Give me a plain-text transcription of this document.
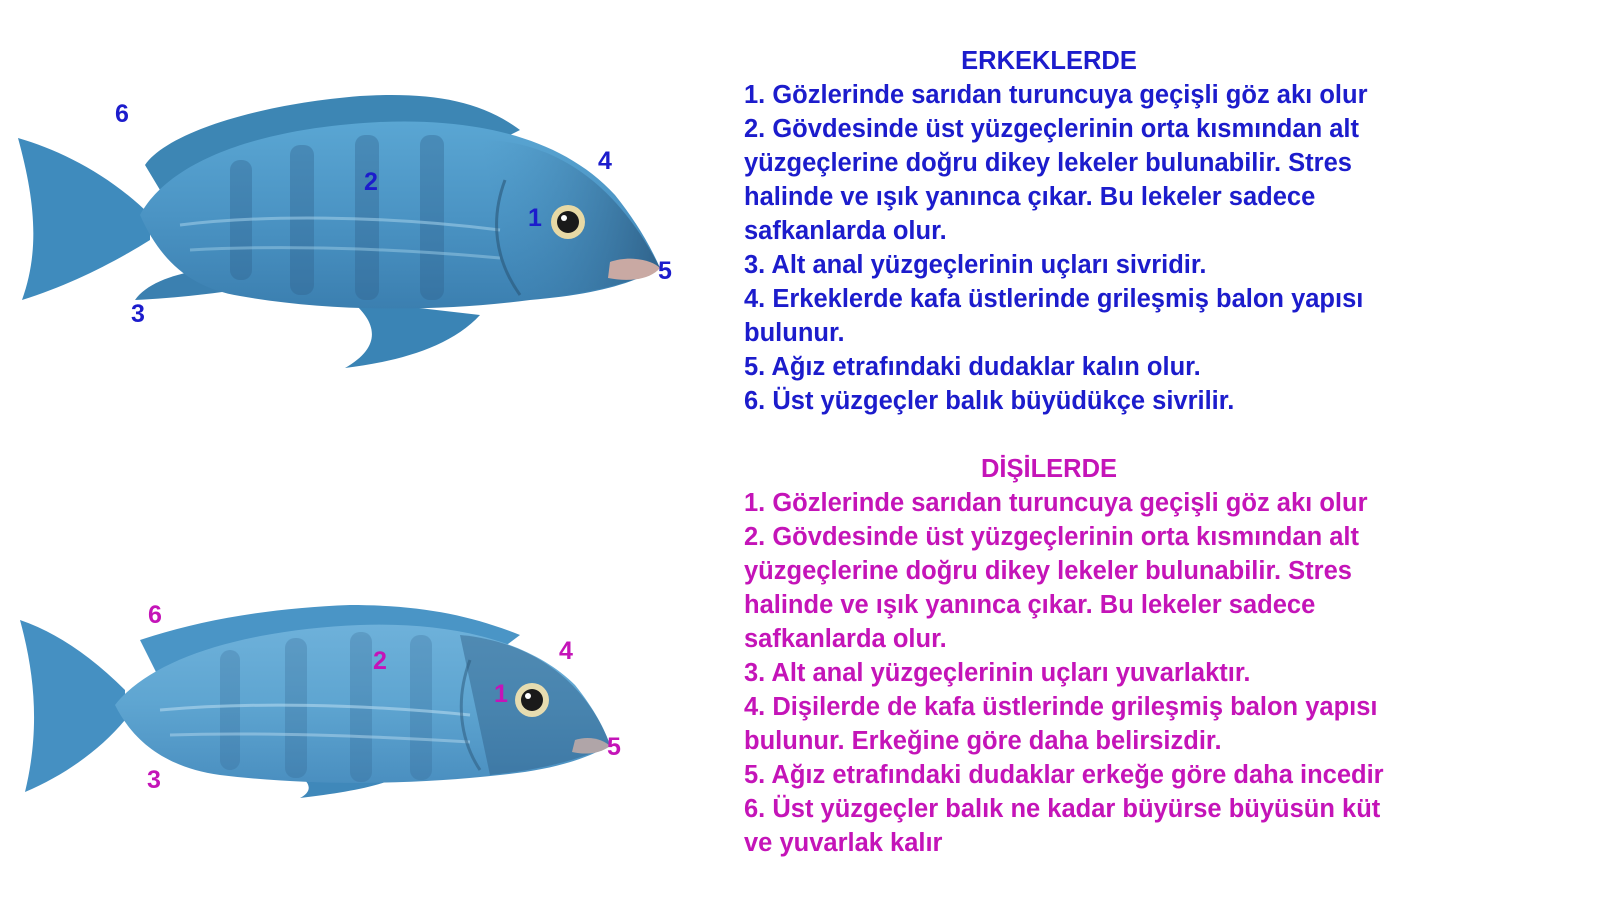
1
2
3
4
5
6
1
2
3
4
5
6
ERKEKLERDE
1. Gözlerinde sarıdan turuncuya geçişli göz akı olur
2. Gövdesinde üst yüzgeçlerinin orta kısmından alt
yüzgeçlerine doğru dikey lekeler bulunabilir. Stres
halinde ve ışık yanınca çıkar. Bu lekeler sadece
safkanlarda olur.
3. Alt anal yüzgeçlerinin uçları sivridir.
4. Erkeklerde kafa üstlerinde grileşmiş balon yapısı
bulunur.
5. Ağız etrafındaki dudaklar kalın olur.
6. Üst yüzgeçler balık büyüdükçe sivrilir.
DİŞİLERDE
1. Gözlerinde sarıdan turuncuya geçişli göz akı olur
2. Gövdesinde üst yüzgeçlerinin orta kısmından alt
yüzgeçlerine doğru dikey lekeler bulunabilir. Stres
halinde ve ışık yanınca çıkar. Bu lekeler sadece
safkanlarda olur.
3. Alt anal yüzgeçlerinin uçları yuvarlaktır.
4. Dişilerde de kafa üstlerinde grileşmiş balon yapısı
bulunur. Erkeğine göre daha belirsizdir.
5. Ağız etrafındaki dudaklar erkeğe göre daha incedir
6. Üst yüzgeçler balık ne kadar büyürse büyüsün küt
ve yuvarlak kalır
